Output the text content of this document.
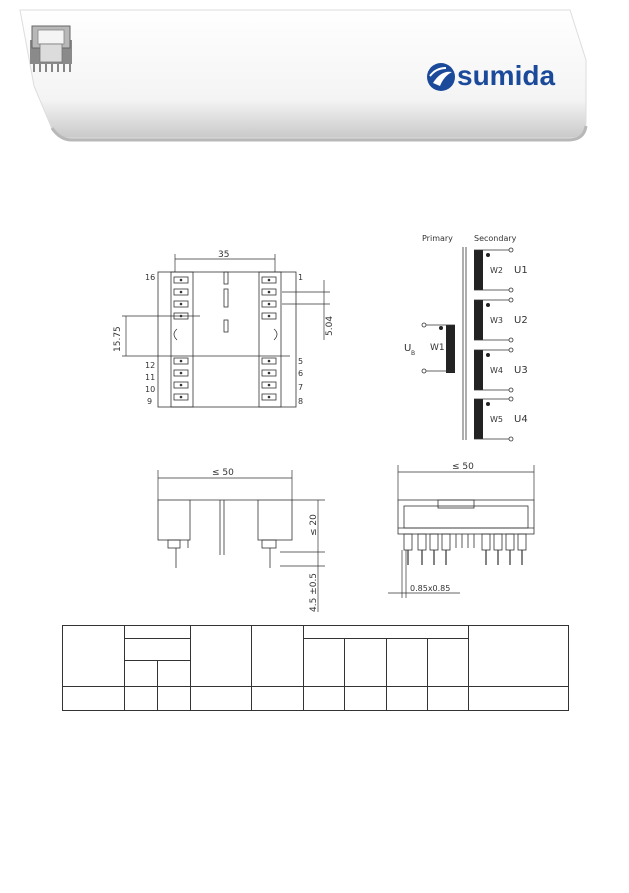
sumida
35
5.04
15.75
16
12
11
10
9
1
5
6
7
8
Primary	Secondary
W1
U B
W2 U1
W3 U2
W4 U3
W5 U4
≤ 50
≤ 20
4.5 ±0.5
≤ 50
0.85x0.85
